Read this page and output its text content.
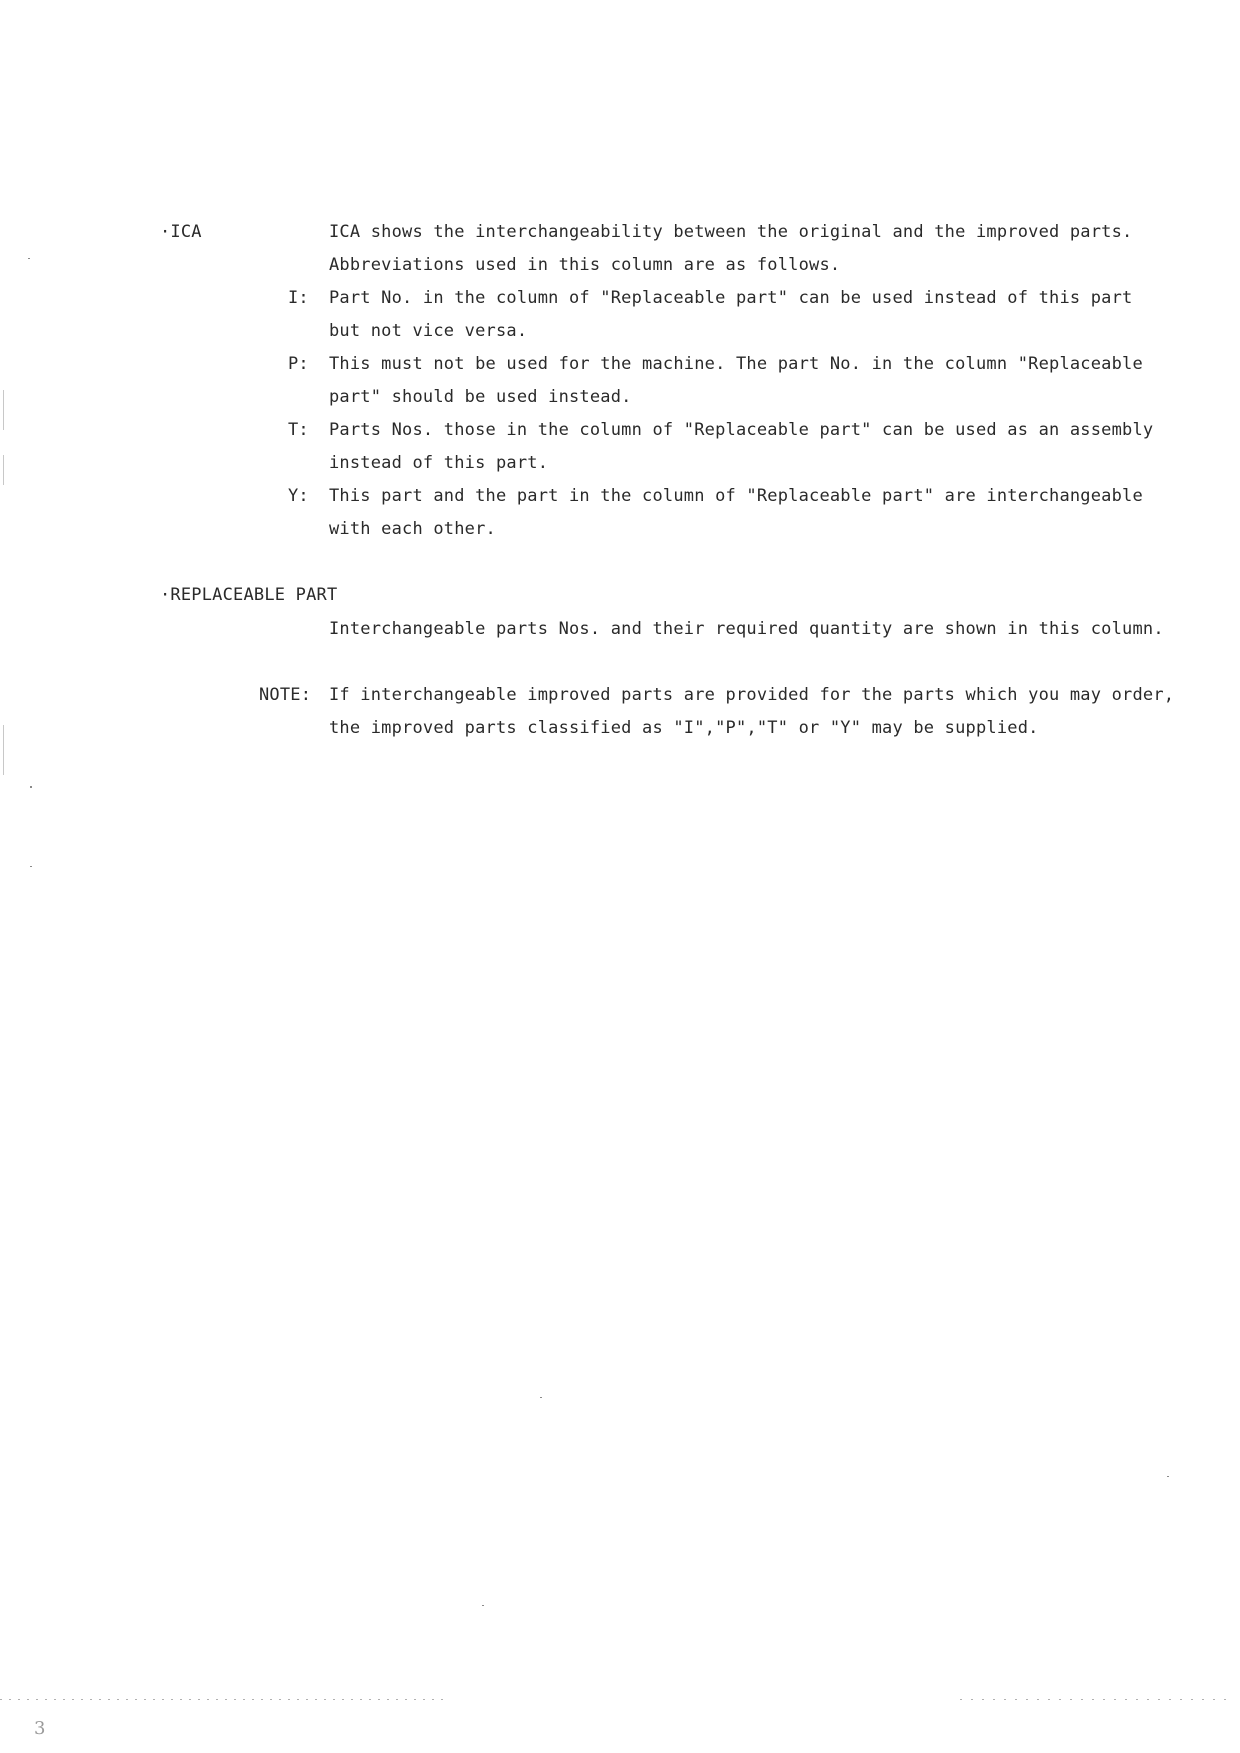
·ICA	ICA shows the interchangeability between the original and the improved parts.
Abbreviations used in this column are as follows.
I: Part No. in the column of "Replaceable part" can be used instead of this part
but not vice versa.
P: This must not be used for the machine. The part No. in the column "Replaceable
part" should be used instead.
T: Parts Nos. those in the column of "Replaceable part" can be used as an assembly
instead of this part.
Y: This part and the part in the column of "Replaceable part" are interchangeable
with each other.
·REPLACEABLE PART
Interchangeable parts Nos. and their required quantity are shown in this column.
NOTE: If interchangeable improved parts are provided for the parts which you may order,
the improved parts classified as "I","P","T" or "Y" may be supplied.
3
